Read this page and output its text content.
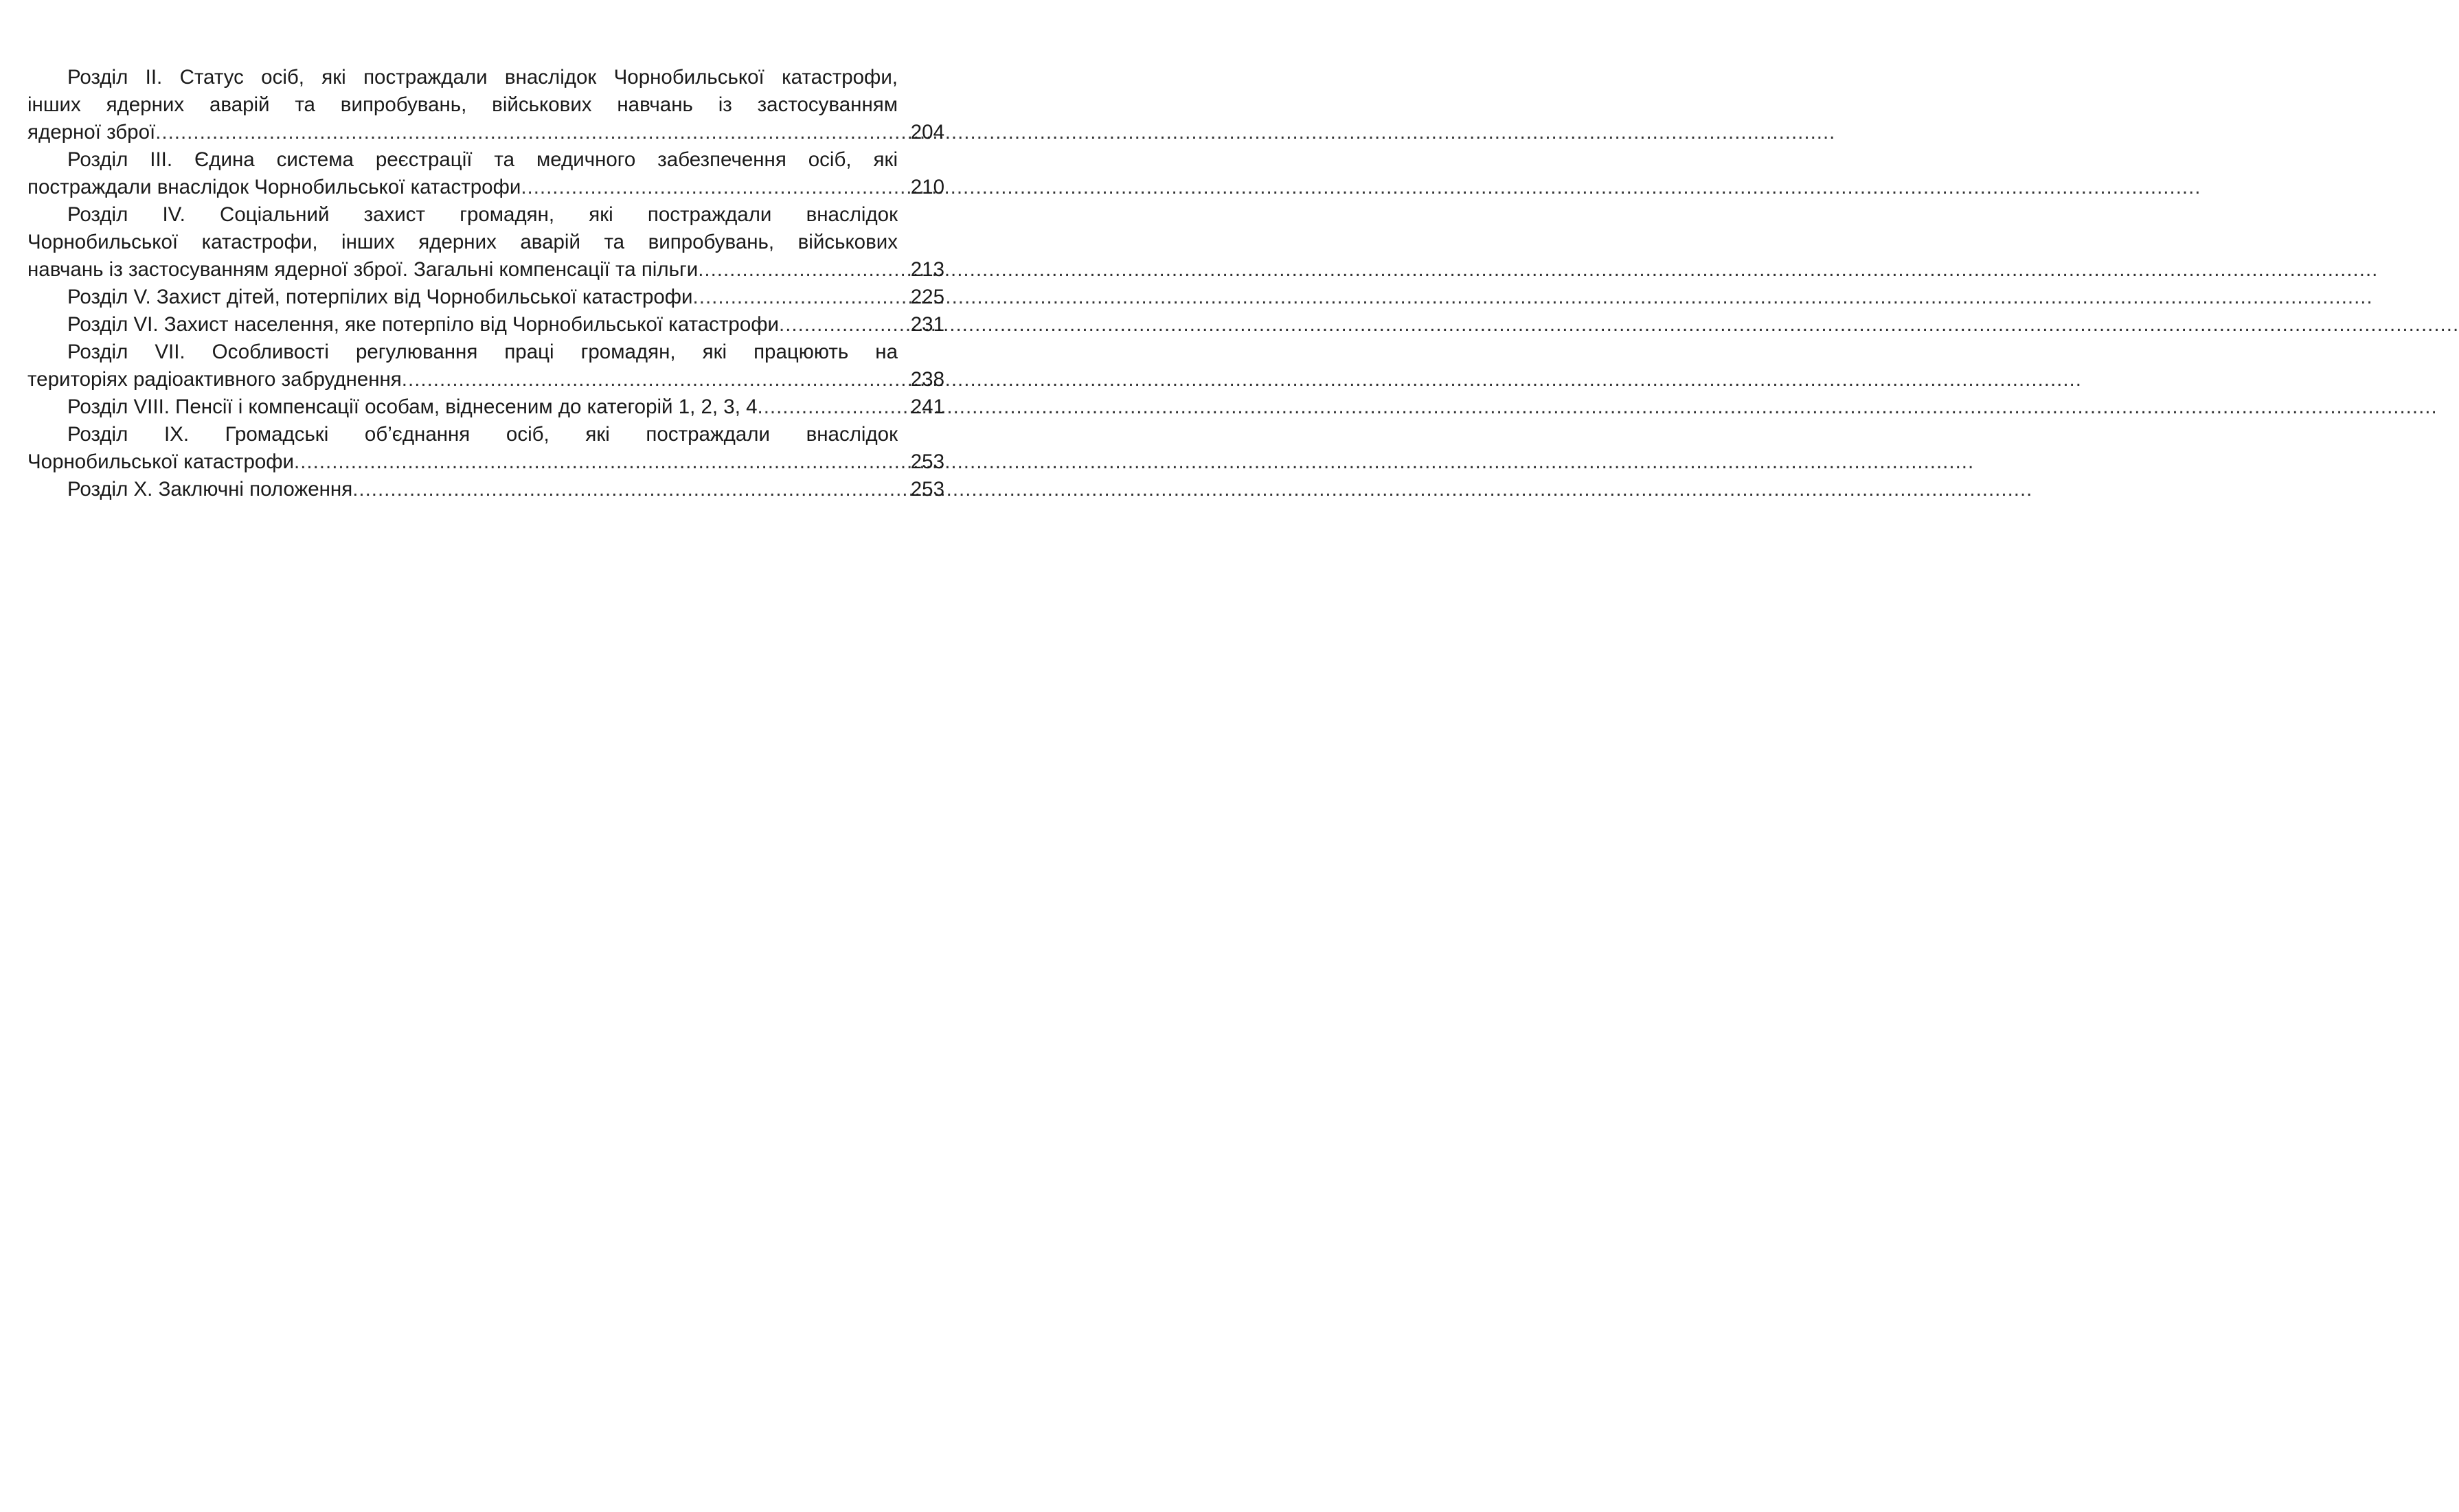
Розділ II. Статус осіб, які постраждали внаслідок Чорнобильської катастрофи,
інших ядерних аварій та випробувань, військових навчань із застосуванням
ядерної зброї .....	204
Розділ III. Єдина система реєстрації та медичного забезпечення осіб, які
постраждали внаслідок Чорнобильської катастрофи .....	210
Розділ IV. Соціальний захист громадян, які постраждали внаслідок
Чорнобильської катастрофи, інших ядерних аварій та випробувань, військових
навчань із застосуванням ядерної зброї. Загальні компенсації та пільги .....	213
Розділ V. Захист дітей, потерпілих від Чорнобильської катастрофи .....	225
Розділ VI. Захист населення, яке потерпіло від Чорнобильської катастрофи .....	231
Розділ VII. Особливості регулювання праці громадян, які працюють на
територіях радіоактивного забруднення .....	238
Розділ VIII. Пенсії і компенсації особам, віднесеним до категорій 1, 2, 3, 4 .....	241
Розділ IX. Громадські об’єднання осіб, які постраждали внаслідок
Чорнобильської катастрофи .....	253
Розділ X. Заключні положення .....	253
